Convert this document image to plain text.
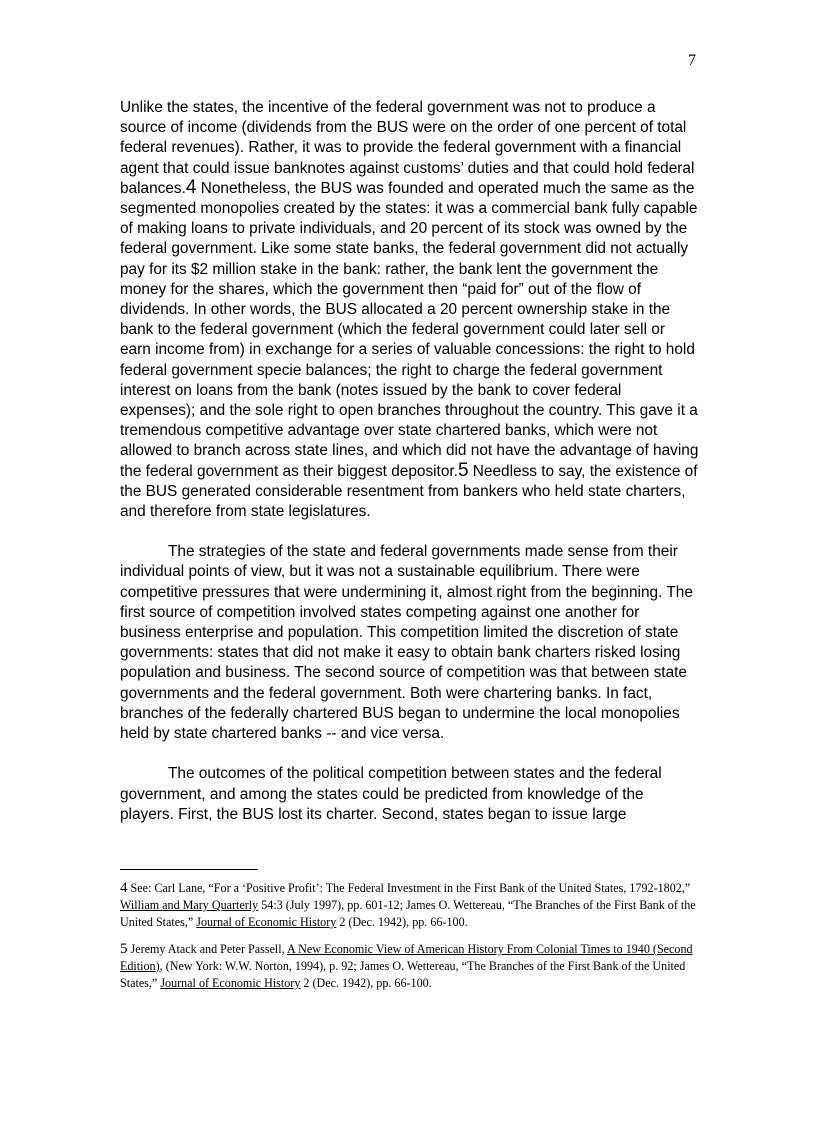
7

Unlike the states, the incentive of the federal government was not to produce a source of income (dividends from the BUS were on the order of one percent of total federal revenues). Rather, it was to provide the federal government with a financial agent that could issue banknotes against customs’ duties and that could hold federal balances.4 Nonetheless, the BUS was founded and operated much the same as the segmented monopolies created by the states: it was a commercial bank fully capable of making loans to private individuals, and 20 percent of its stock was owned by the federal government. Like some state banks, the federal government did not actually pay for its $2 million stake in the bank: rather, the bank lent the government the money for the shares, which the government then “paid for” out of the flow of dividends. In other words, the BUS allocated a 20 percent ownership stake in the bank to the federal government (which the federal government could later sell or earn income from) in exchange for a series of valuable concessions: the right to hold federal government specie balances; the right to charge the federal government interest on loans from the bank (notes issued by the bank to cover federal expenses); and the sole right to open branches throughout the country. This gave it a tremendous competitive advantage over state chartered banks, which were not allowed to branch across state lines, and which did not have the advantage of having the federal government as their biggest depositor.5 Needless to say, the existence of the BUS generated considerable resentment from bankers who held state charters, and therefore from state legislatures.

The strategies of the state and federal governments made sense from their individual points of view, but it was not a sustainable equilibrium. There were competitive pressures that were undermining it, almost right from the beginning. The first source of competition involved states competing against one another for business enterprise and population. This competition limited the discretion of state governments: states that did not make it easy to obtain bank charters risked losing population and business. The second source of competition was that between state governments and the federal government. Both were chartering banks. In fact, branches of the federally chartered BUS began to undermine the local monopolies held by state chartered banks -- and vice versa.

The outcomes of the political competition between states and the federal government, and among the states could be predicted from knowledge of the players. First, the BUS lost its charter. Second, states began to issue large

4 See: Carl Lane, “For a ‘Positive Profit’: The Federal Investment in the First Bank of the United States, 1792-1802,” William and Mary Quarterly 54:3 (July 1997), pp. 601-12; James O. Wettereau, “The Branches of the First Bank of the United States,” Journal of Economic History 2 (Dec. 1942), pp. 66-100.

5 Jeremy Atack and Peter Passell, A New Economic View of American History From Colonial Times to 1940 (Second Edition), (New York: W.W. Norton, 1994), p. 92; James O. Wettereau, “The Branches of the First Bank of the United States,” Journal of Economic History 2 (Dec. 1942), pp. 66-100.
